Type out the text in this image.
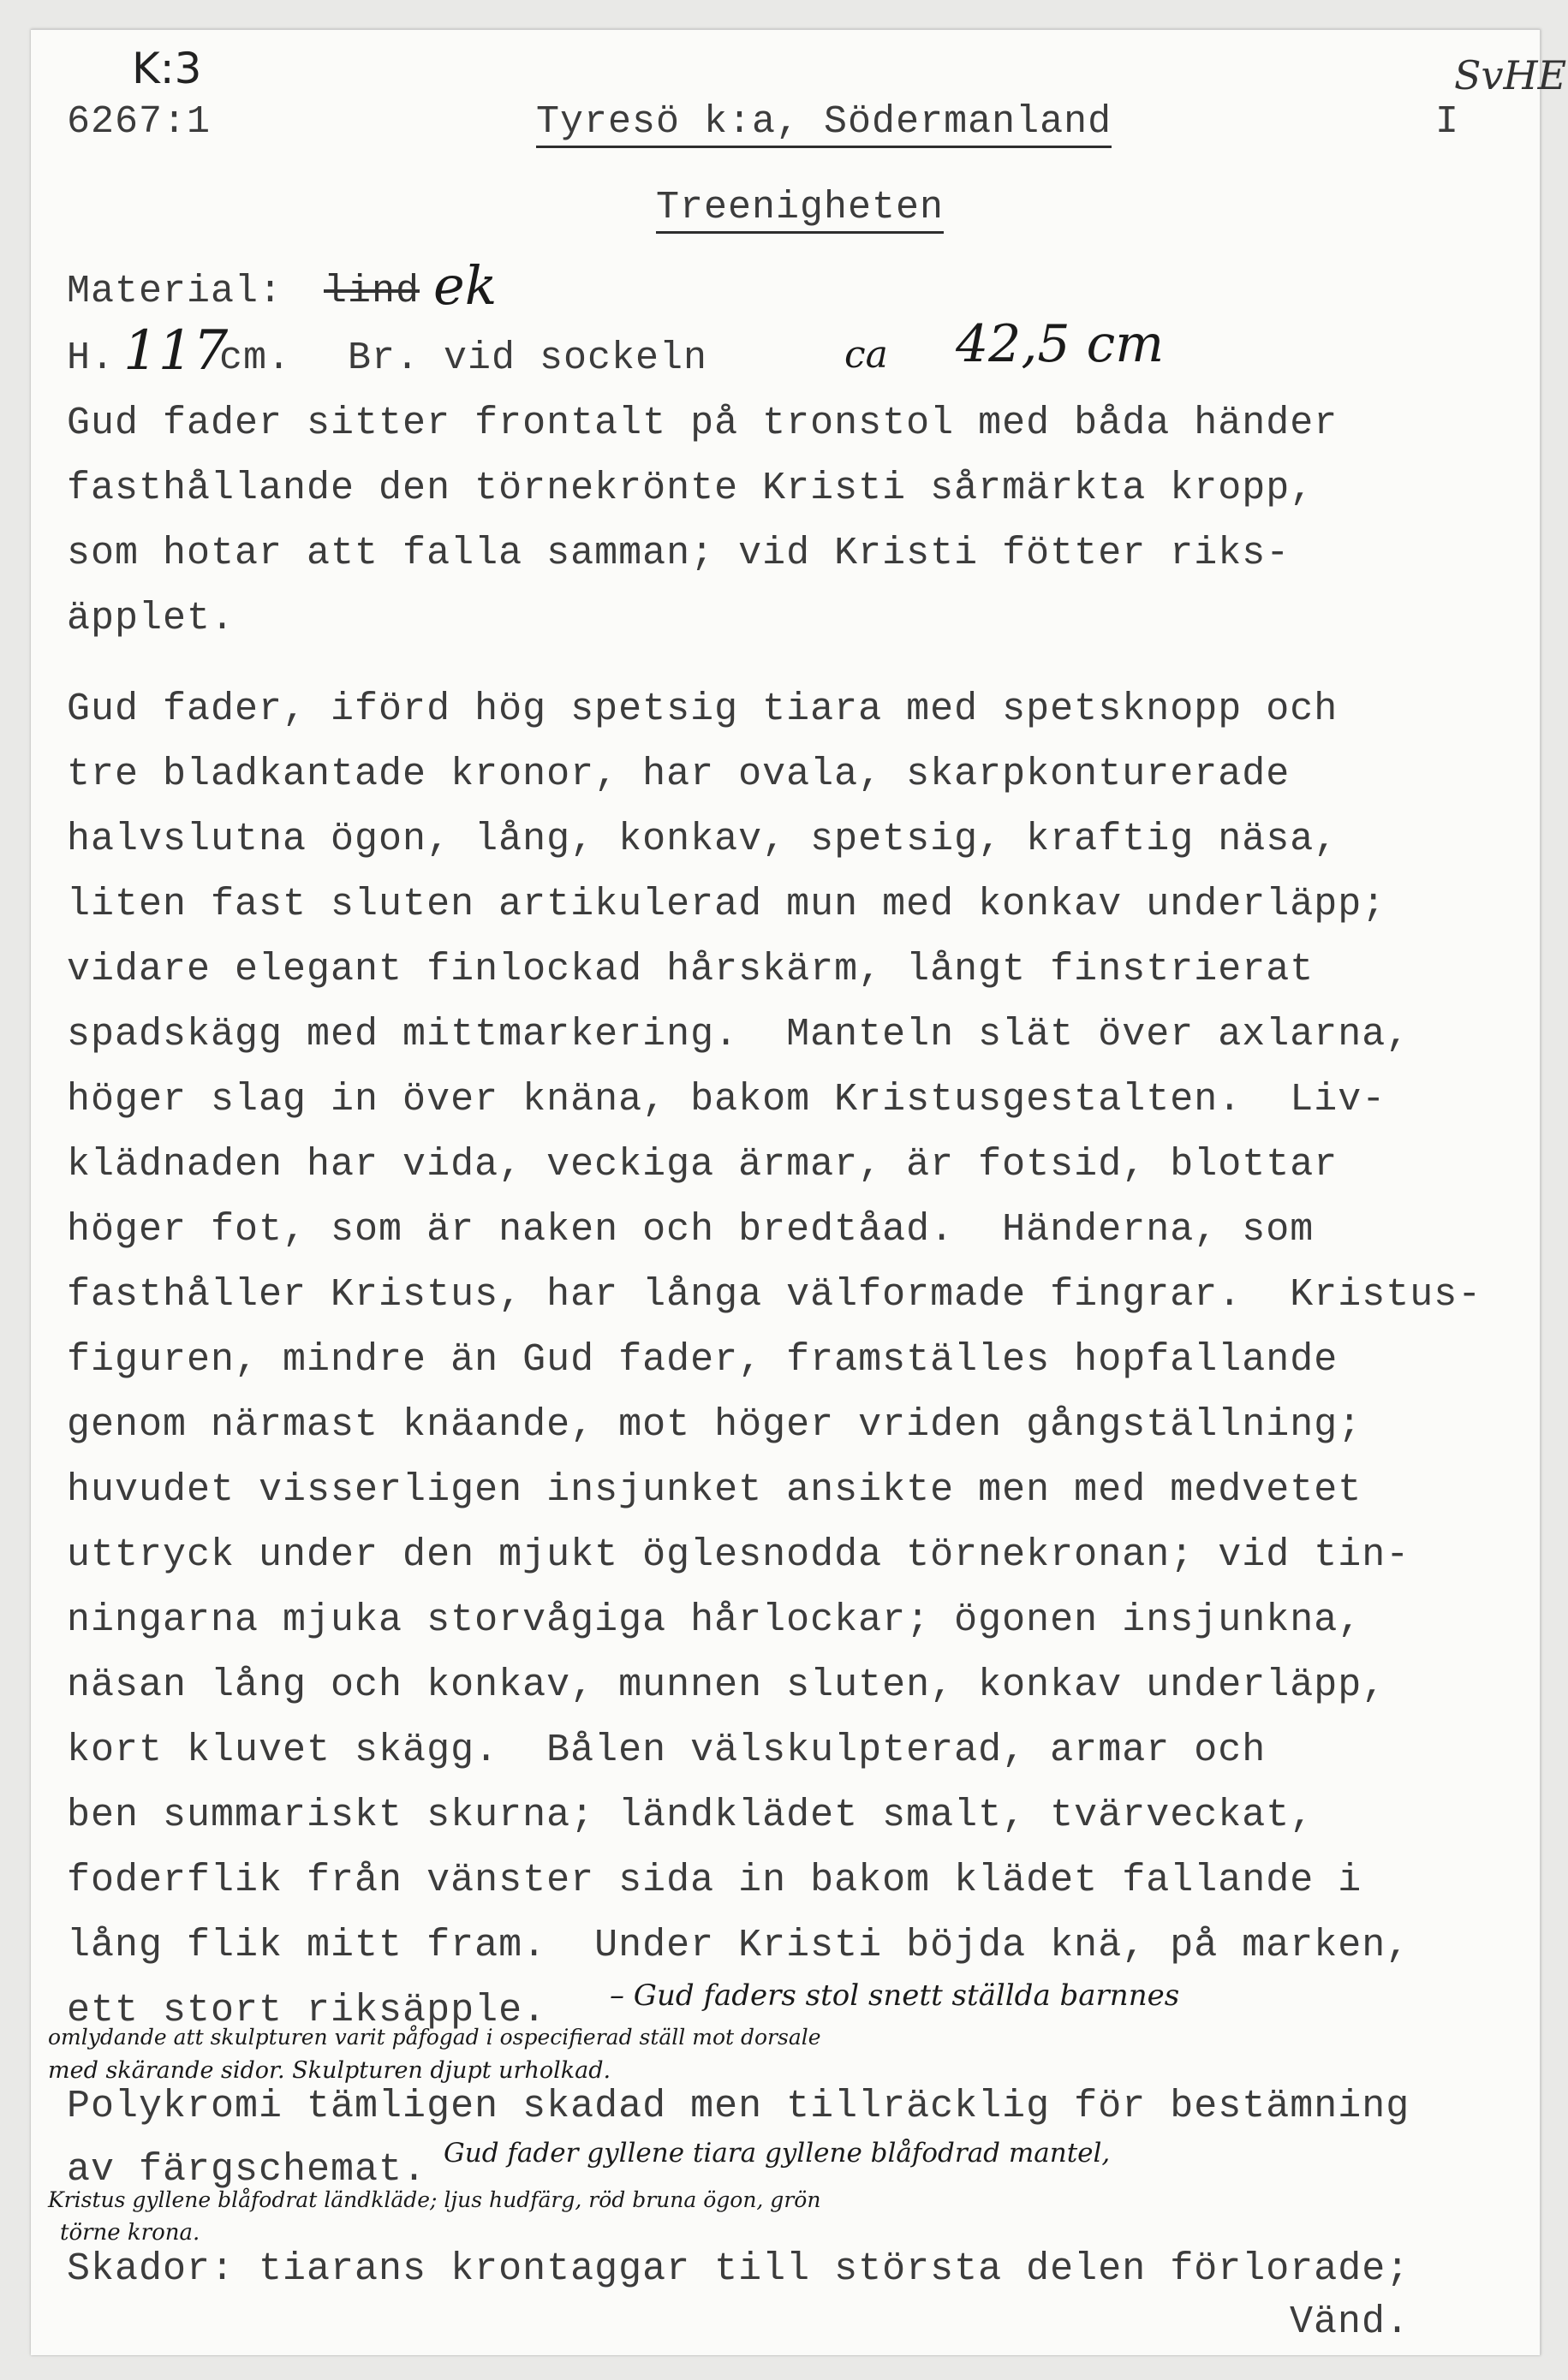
K:3
6267:1	Tyresö k:a, Södermanland	I
SvHE
Treenigheten
Material: lind ek
H. 117
cm. Br. vid sockeln	ca 42,5 cm
Gud fader sitter frontalt på tronstol med båda händer
fasthållande den törnekrönte Kristi sårmärkta kropp,
som hotar att falla samman; vid Kristi fötter riks-
äpplet.
Gud fader, iförd hög spetsig tiara med spetsknopp och
tre bladkantade kronor, har ovala, skarpkonturerade
halvslutna ögon, lång, konkav, spetsig, kraftig näsa,
liten fast sluten artikulerad mun med konkav underläpp;
vidare elegant finlockad hårskärm, långt finstrierat
spadskägg med mittmarkering.  Manteln slät över axlarna,
höger slag in över knäna, bakom Kristusgestalten.  Liv-
klädnaden har vida, veckiga ärmar, är fotsid, blottar
höger fot, som är naken och bredtåad.  Händerna, som
fasthåller Kristus, har långa välformade fingrar.  Kristus-
figuren, mindre än Gud fader, framställes hopfallande
genom närmast knäande, mot höger vriden gångställning;
huvudet visserligen insjunket ansikte men med medvetet
uttryck under den mjukt öglesnodda törnekronan; vid tin-
ningarna mjuka storvågiga hårlockar; ögonen insjunkna,
näsan lång och konkav, munnen sluten, konkav underläpp,
kort kluvet skägg.  Bålen välskulpterad, armar och
ben summariskt skurna; ländklädet smalt, tvärveckat,
foderflik från vänster sida in bakom klädet fallande i
lång flik mitt fram.  Under Kristi böjda knä, på marken,
ett stort riksäpple. – Gud faders stol snett ställda barnnes
omlydande att skulpturen varit påfogad i ospecifierad ställ mot dorsale
med skärande sidor. Skulpturen djupt urholkad.
Polykromi tämligen skadad men tillräcklig för bestämning
av färgschemat. Gud fader gyllene tiara gyllene blåfodrad mantel,
Kristus gyllene blåfodrat ländkläde; ljus hudfärg, röd bruna ögon, grön
törne krona.
Skador: tiarans krontaggar till största delen förlorade;
Vänd.
